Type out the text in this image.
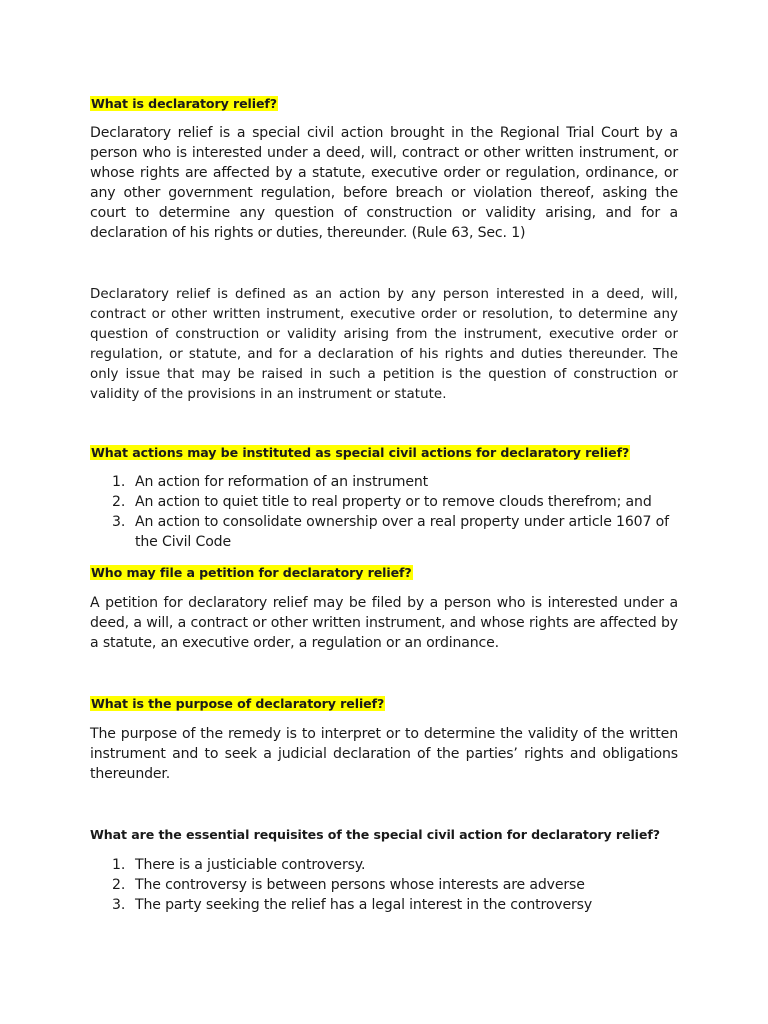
What is declaratory relief?
Declaratory relief is a special civil action brought in the Regional Trial Court by a person who is interested under a deed, will, contract or other written instrument, or whose rights are affected by a statute, executive order or regulation, ordinance, or any other government regulation, before breach or violation thereof, asking the court to determine any question of construction or validity arising, and for a declaration of his rights or duties, thereunder. (Rule 63, Sec. 1)
Declaratory relief is defined as an action by any person interested in a deed, will, contract or other written instrument, executive order or resolution, to determine any question of construction or validity arising from the instrument, executive order or regulation, or statute, and for a declaration of his rights and duties thereunder. The only issue that may be raised in such a petition is the question of construction or validity of the provisions in an instrument or statute.
What actions may be instituted as special civil actions for declaratory relief?
1. An action for reformation of an instrument
2. An action to quiet title to real property or to remove clouds therefrom; and
3. An action to consolidate ownership over a real property under article 1607 of the Civil Code
Who may file a petition for declaratory relief?
A petition for declaratory relief may be filed by a person who is interested under a deed, a will, a contract or other written instrument, and whose rights are affected by a statute, an executive order, a regulation or an ordinance.
What is the purpose of declaratory relief?
The purpose of the remedy is to interpret or to determine the validity of the written instrument and to seek a judicial declaration of the parties’ rights and obligations thereunder.
What are the essential requisites of the special civil action for declaratory relief?
1. There is a justiciable controversy.
2. The controversy is between persons whose interests are adverse
3. The party seeking the relief has a legal interest in the controversy
